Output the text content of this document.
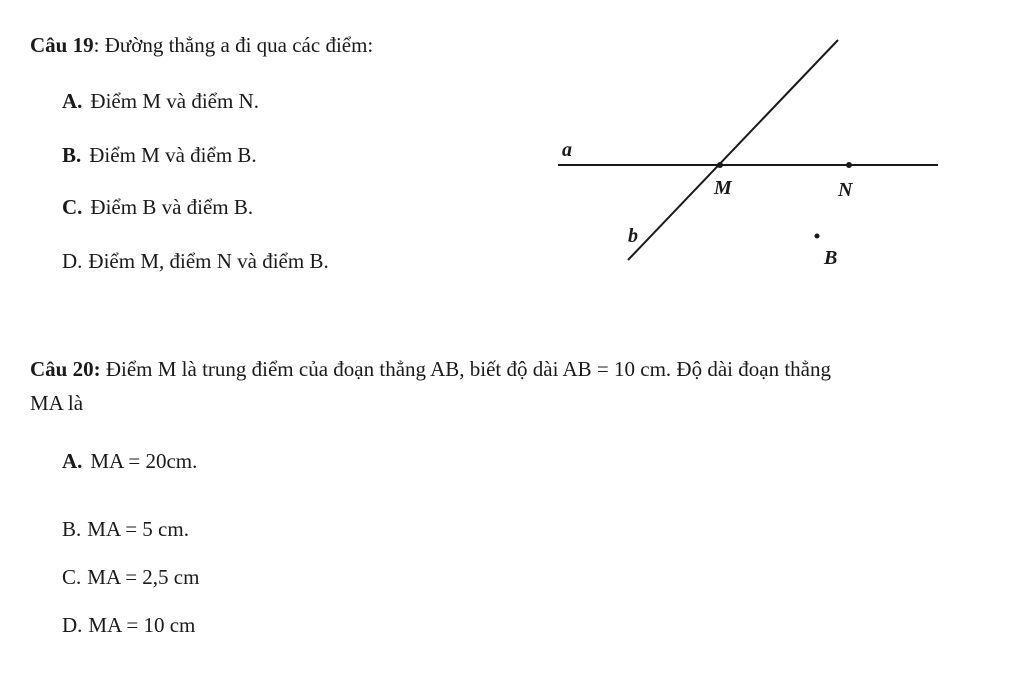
Câu 19: Đường thẳng a đi qua các điểm:
A. Điểm M và điểm N.
B. Điểm M và điểm B.
C. Điểm B và điểm B.
D. Điểm M, điểm N và điểm B.
a
b
M	N
B
Câu 20: Điểm M là trung điểm của đoạn thẳng AB, biết độ dài AB = 10 cm. Độ dài đoạn thẳng
MA là
A. MA = 20cm.
B. MA = 5 cm.
C. MA = 2,5 cm
D. MA = 10 cm
